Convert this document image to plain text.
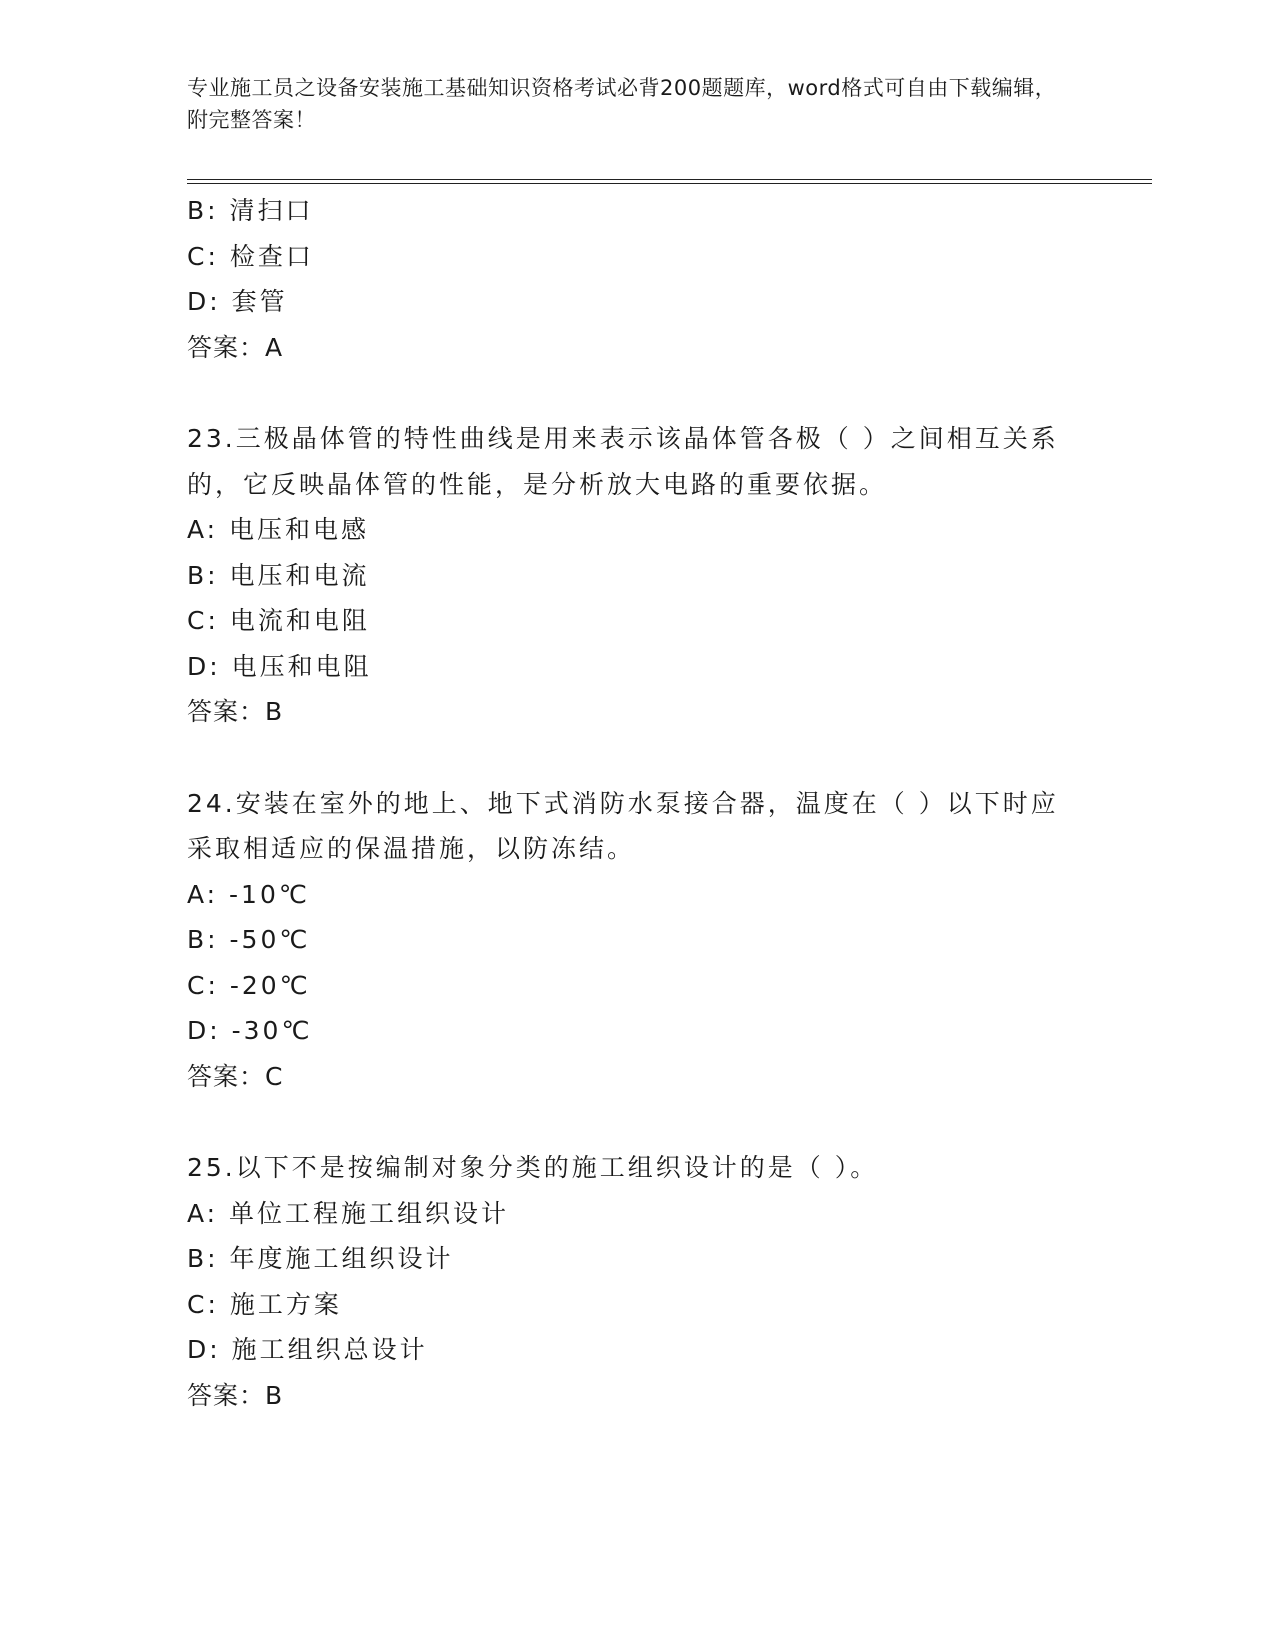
专业施工员之设备安装施工基础知识资格考试必背200题题库，word格式可自由下载编辑，附完整答案！
B: 清扫口
C: 检查口
D: 套管
答案：A
23.三极晶体管的特性曲线是用来表示该晶体管各极（ ）之间相互关系的，它反映晶体管的性能，是分析放大电路的重要依据。
A: 电压和电感
B: 电压和电流
C: 电流和电阻
D: 电压和电阻
答案：B
24.安装在室外的地上、地下式消防水泵接合器，温度在（ ）以下时应采取相适应的保温措施，以防冻结。
A: -10℃
B: -50℃
C: -20℃
D: -30℃
答案：C
25.以下不是按编制对象分类的施工组织设计的是（ ）。
A: 单位工程施工组织设计
B: 年度施工组织设计
C: 施工方案
D: 施工组织总设计
答案：B
